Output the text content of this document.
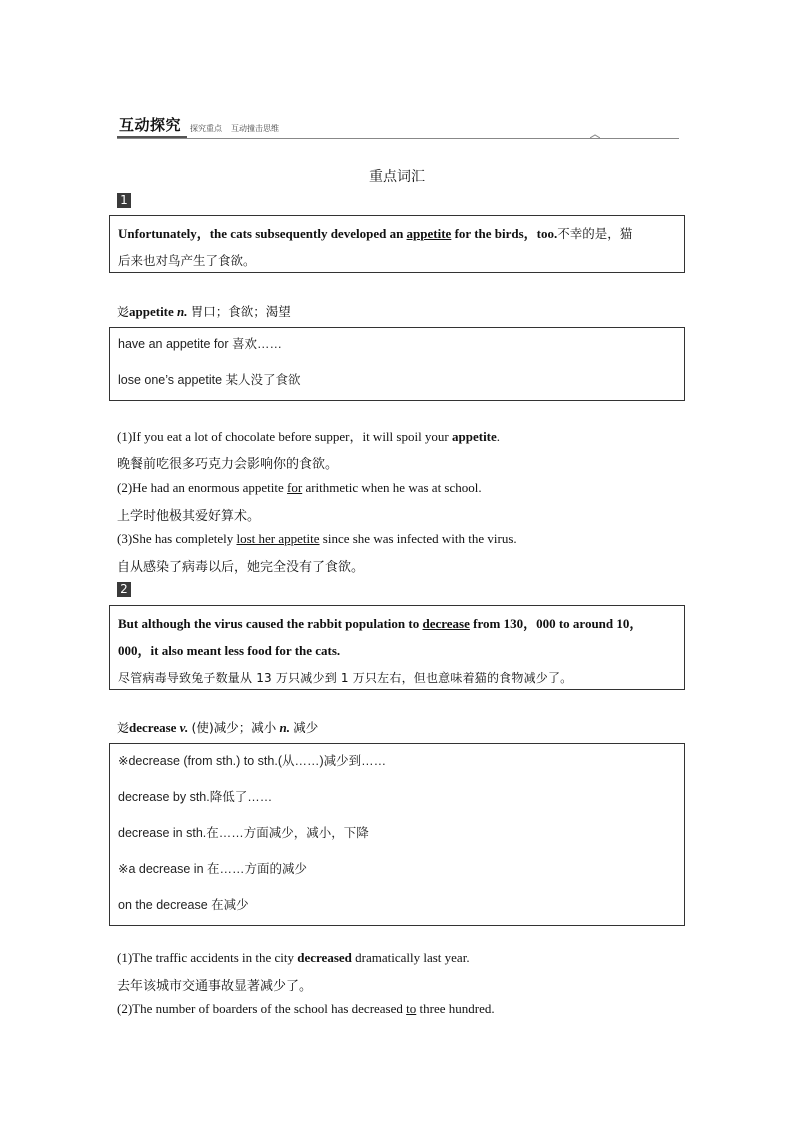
互动探究 探究重点 互动撞击思维
重点词汇
1
Unfortunately，the cats subsequently developed an appetite for the birds，too.不幸的是，猫
后来也对鸟产生了食欲。
彣appetite n. 胃口；食欲；渴望
have an appetite for 喜欢……
lose one’s appetite 某人没了食欲
(1)If you eat a lot of chocolate before supper，it will spoil your appetite.
晚餐前吃很多巧克力会影响你的食欲。
(2)He had an enormous appetite for arithmetic when he was at school.
上学时他极其爱好算术。
(3)She has completely lost her appetite since she was infected with the virus.
自从感染了病毒以后，她完全没有了食欲。
2
But although the virus caused the rabbit population to decrease from 130，000 to around 10，
000，it also meant less food for the cats.
尽管病毒导致兔子数量从 13 万只减少到 1 万只左右，但也意味着猫的食物减少了。
彣decrease v. (使)减少；减小 n. 减少
※decrease (from sth.) to sth.(从……)减少到……
decrease by sth.降低了……
decrease in sth.在……方面减少，减小，下降
※a decrease in 在……方面的减少
on the decrease 在减少
(1)The traffic accidents in the city decreased dramatically last year.
去年该城市交通事故显著减少了。
(2)The number of boarders of the school has decreased to three hundred.
